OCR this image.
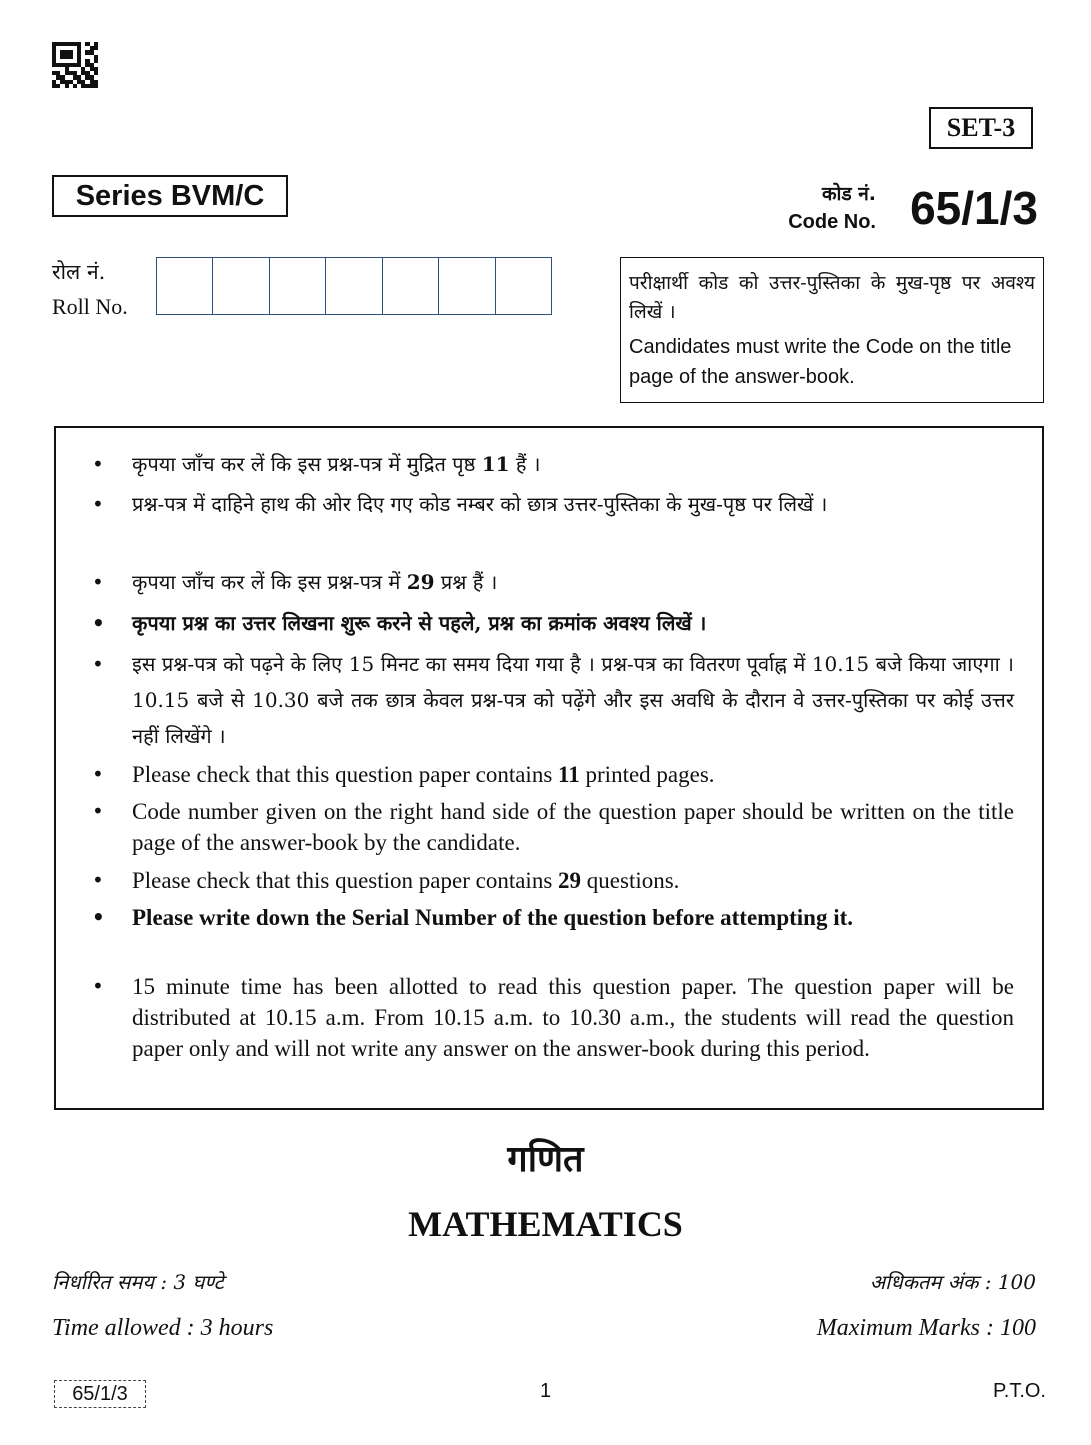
SET-3
Series BVM/C	कोड नं.
Code No. 65/1/3
रोल नं.
Roll No.
परीक्षार्थी कोड को उत्तर-पुस्तिका के मुख-पृष्ठ पर अवश्य लिखें ।
Candidates must write the Code on the title page of the answer-book.
• कृपया जाँच कर लें कि इस प्रश्न-पत्र में मुद्रित पृष्ठ 11 हैं ।
• प्रश्न-पत्र में दाहिने हाथ की ओर दिए गए कोड नम्बर को छात्र उत्तर-पुस्तिका के मुख-पृष्ठ पर लिखें ।
• कृपया जाँच कर लें कि इस प्रश्न-पत्र में 29 प्रश्न हैं ।
• कृपया प्रश्न का उत्तर लिखना शुरू करने से पहले, प्रश्न का क्रमांक अवश्य लिखें ।
• इस प्रश्न-पत्र को पढ़ने के लिए 15 मिनट का समय दिया गया है । प्रश्न-पत्र का वितरण पूर्वाह्न में 10.15 बजे किया जाएगा । 10.15 बजे से 10.30 बजे तक छात्र केवल प्रश्न-पत्र को पढ़ेंगे और इस अवधि के दौरान वे उत्तर-पुस्तिका पर कोई उत्तर नहीं लिखेंगे ।
• Please check that this question paper contains 11 printed pages.
• Code number given on the right hand side of the question paper should be written on the title page of the answer-book by the candidate.
• Please check that this question paper contains 29 questions.
• Please write down the Serial Number of the question before attempting it.
• 15 minute time has been allotted to read this question paper. The question paper will be distributed at 10.15 a.m. From 10.15 a.m. to 10.30 a.m., the students will read the question paper only and will not write any answer on the answer-book during this period.
गणित
MATHEMATICS
निर्धारित समय : 3 घण्टे
Time allowed : 3 hours
अधिकतम अंक : 100
Maximum Marks : 100
65/1/3	1	P.T.O.
